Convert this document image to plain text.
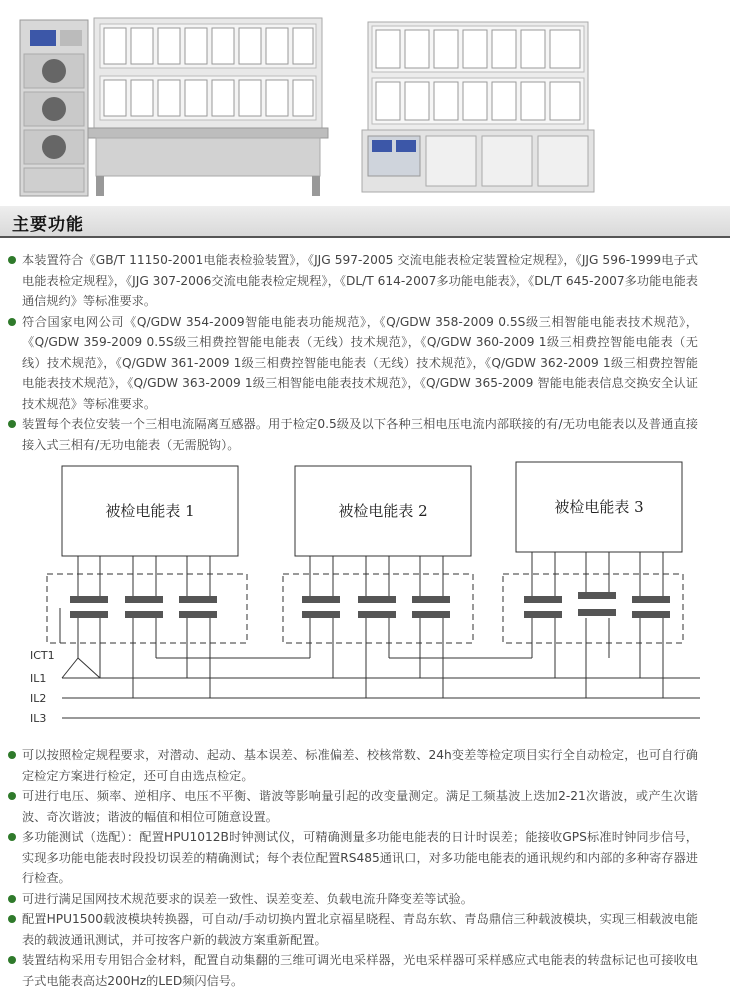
主要功能
本装置符合《GB/T 11150-2001电能表检验装置》，《JJG 597-2005 交流电能表检定装置检定规程》，《JJG 596-1999电子式电能表检定规程》，《JJG 307-2006交流电能表检定规程》，《DL/T 614-2007多功能电能表》，《DL/T 645-2007多功能电能表通信规约》等标准要求。
符合国家电网公司《Q/GDW 354-2009智能电能表功能规范》，《Q/GDW 358-2009 0.5S级三相智能电能表技术规范》，《Q/GDW 359-2009 0.5S级三相费控智能电能表（无线）技术规范》，《Q/GDW 360-2009 1级三相费控智能电能表（无线）技术规范》，《Q/GDW 361-2009 1级三相费控智能电能表（无线）技术规范》，《Q/GDW 362-2009 1级三相费控智能电能表技术规范》，《Q/GDW 363-2009 1级三相智能电能表技术规范》，《Q/GDW 365-2009 智能电能表信息交换安全认证技术规范》等标准要求。
装置每个表位安装一个三相电流隔离互感器。用于检定0.5级及以下各种三相电压电流内部联接的有/无功电能表以及普通直接接入式三相有/无功电能表（无需脱钩）。
被检电能表 1	被检电能表 2	被检电能表 3
ICT1
IL1
IL2
IL3
可以按照检定规程要求，对潜动、起动、基本误差、标准偏差、校核常数、24h变差等检定项目实行全自动检定，也可自行确定检定方案进行检定，还可自由选点检定。
可进行电压、频率、逆相序、电压不平衡、谐波等影响量引起的改变量测定。满足工频基波上迭加2-21次谐波，或产生次谐波、奇次谐波；谐波的幅值和相位可随意设置。
多功能测试（选配）：配置HPU1012B时钟测试仪，可精确测量多功能电能表的日计时误差；能接收GPS标准时钟同步信号，实现多功能电能表时段投切误差的精确测试；每个表位配置RS485通讯口，对多功能电能表的通讯规约和内部的多种寄存器进行检查。
可进行满足国网技术规范要求的误差一致性、误差变差、负载电流升降变差等试验。
配置HPU1500载波模块转换器，可自动/手动切换内置北京福星晓程、青岛东软、青岛鼎信三种载波模块，实现三相载波电能表的载波通讯测试，并可按客户新的载波方案重新配置。
装置结构采用专用铝合金材料，配置自动集翻的三维可调光电采样器，光电采样器可采样感应式电能表的转盘标记也可接收电子式电能表高达200Hz的LED频闪信号。
